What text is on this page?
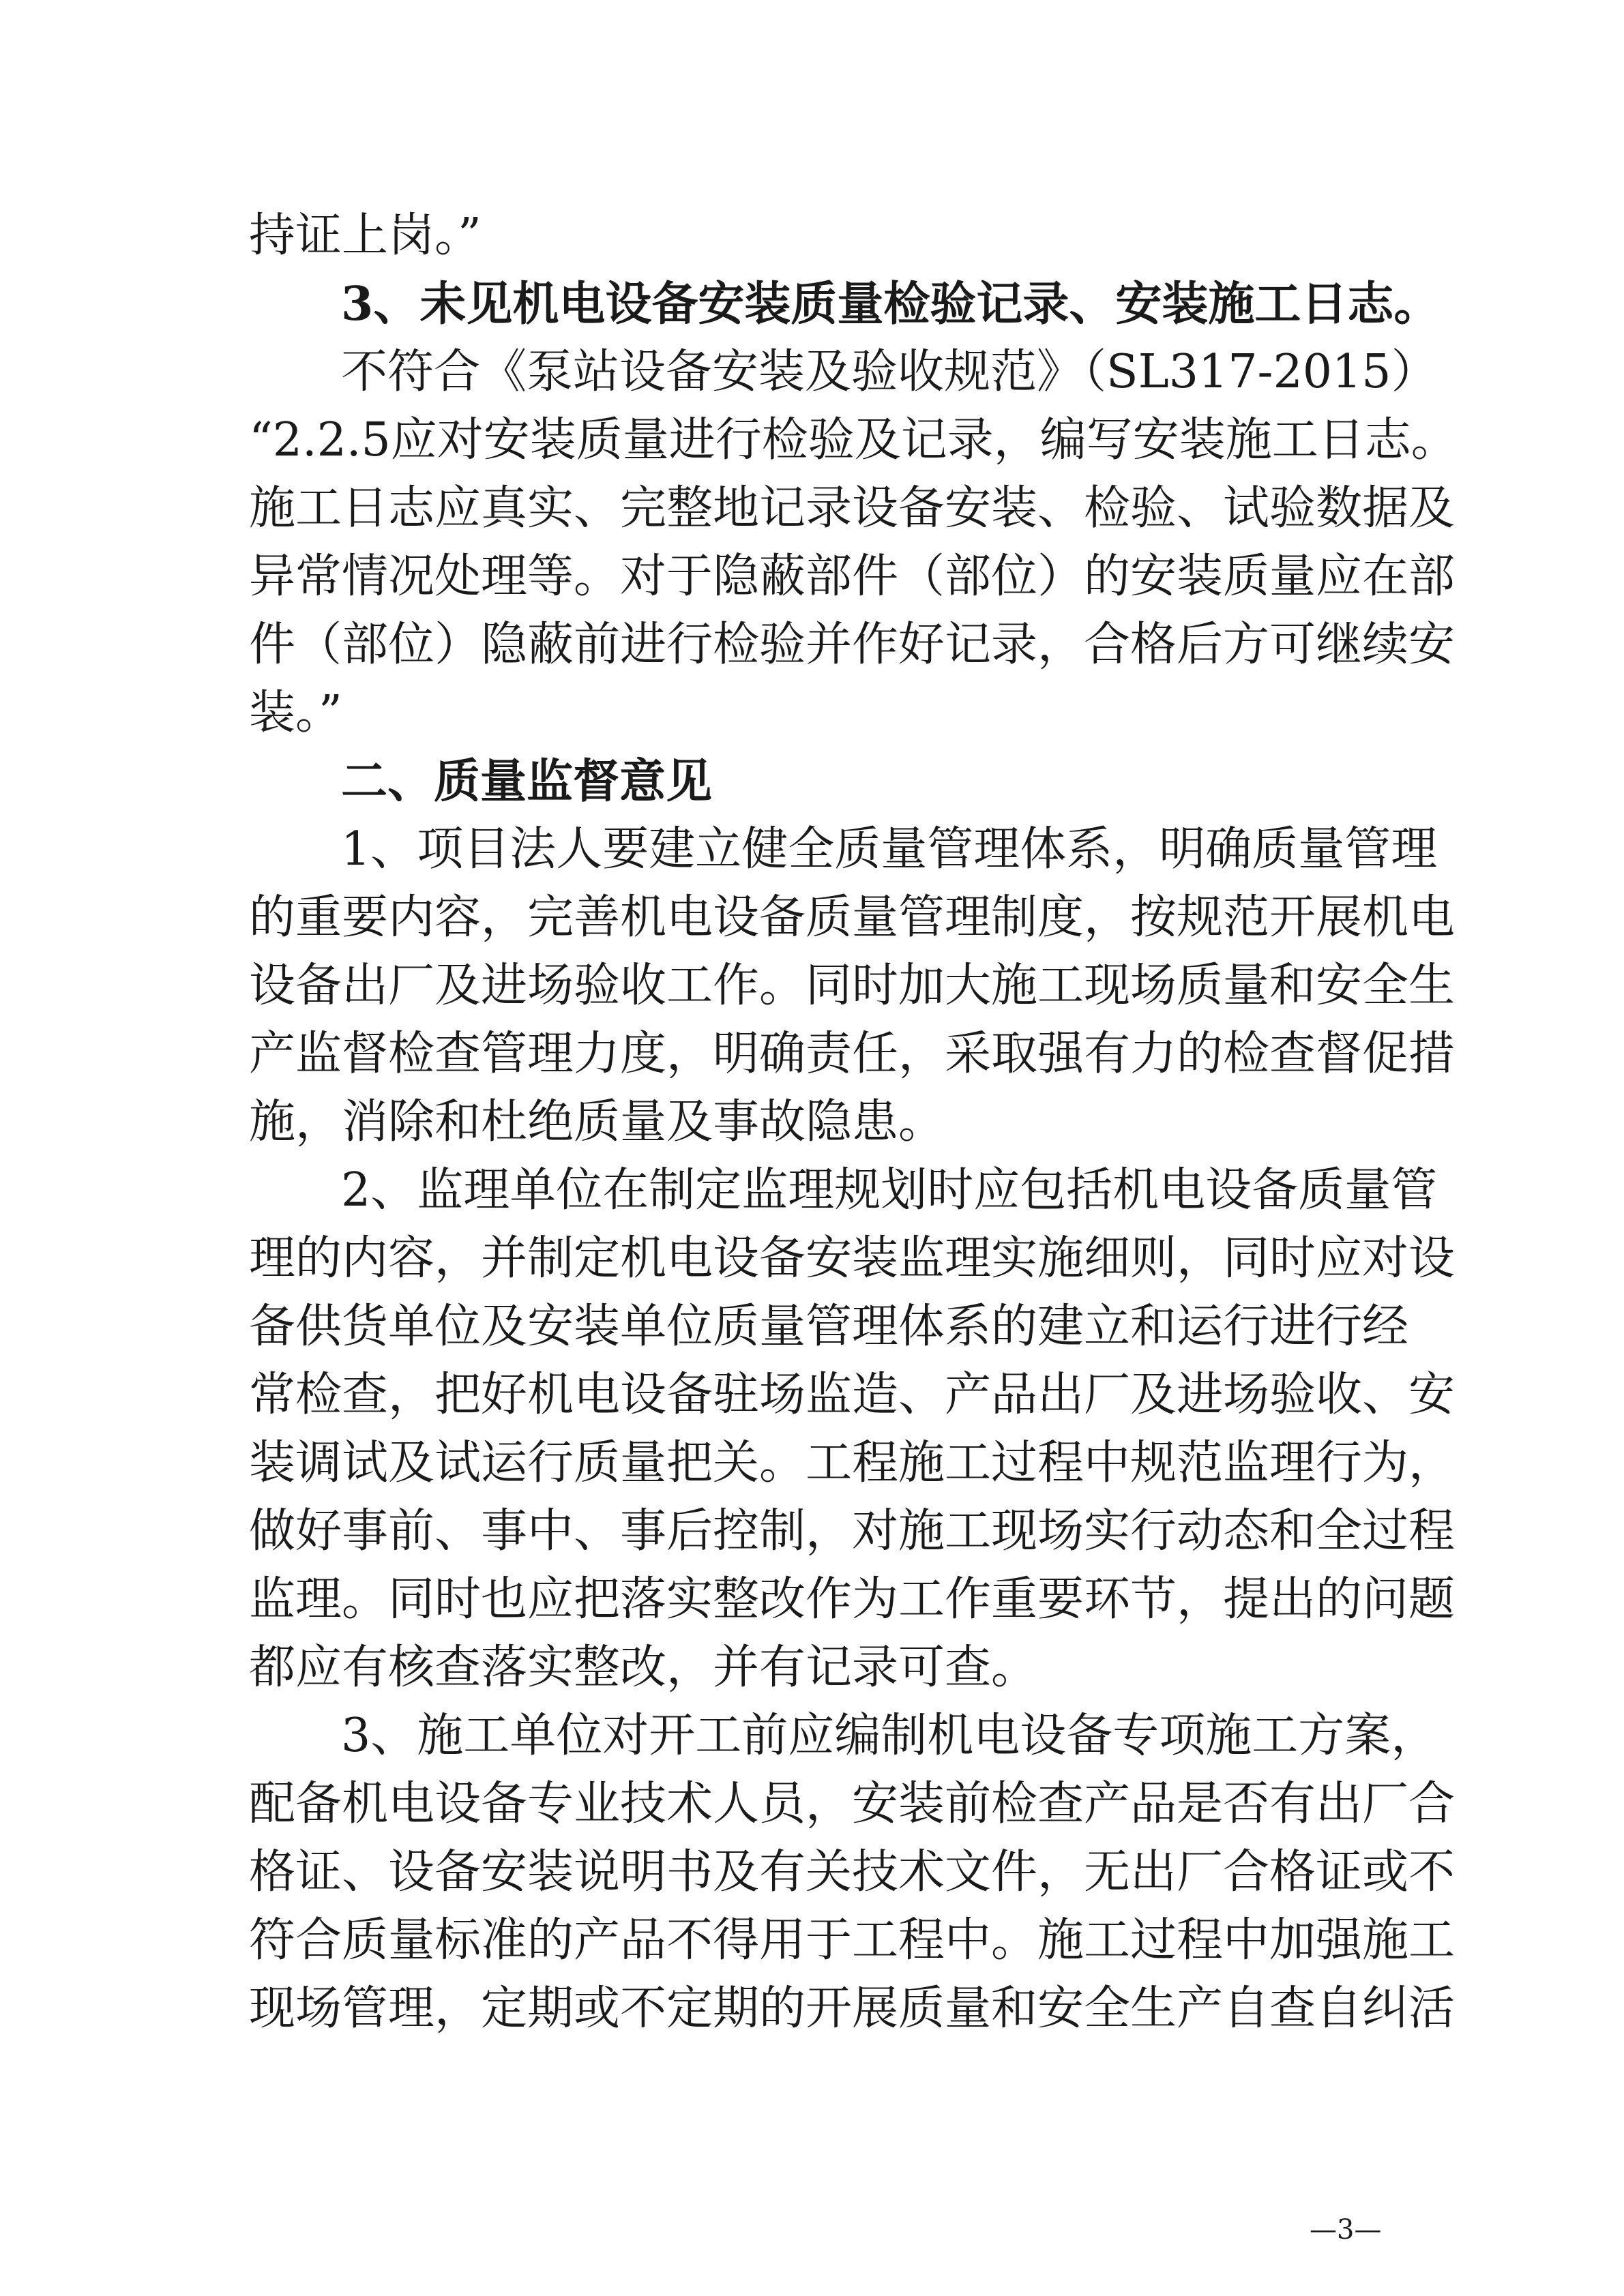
持证上岗。”
3、未见机电设备安装质量检验记录、安装施工日志。
不符合《泵站设备安装及验收规范》（SL317-2015）
“2.2.5应对安装质量进行检验及记录，编写安装施工日志。
施工日志应真实、完整地记录设备安装、检验、试验数据及
异常情况处理等。对于隐蔽部件（部位）的安装质量应在部
件（部位）隐蔽前进行检验并作好记录，合格后方可继续安
装。”
二、质量监督意见
1、项目法人要建立健全质量管理体系，明确质量管理
的重要内容，完善机电设备质量管理制度，按规范开展机电
设备出厂及进场验收工作。同时加大施工现场质量和安全生
产监督检查管理力度，明确责任，采取强有力的检查督促措
施，消除和杜绝质量及事故隐患。
2、监理单位在制定监理规划时应包括机电设备质量管
理的内容，并制定机电设备安装监理实施细则，同时应对设
备供货单位及安装单位质量管理体系的建立和运行进行经
常检查，把好机电设备驻场监造、产品出厂及进场验收、安
装调试及试运行质量把关。工程施工过程中规范监理行为，
做好事前、事中、事后控制，对施工现场实行动态和全过程
监理。同时也应把落实整改作为工作重要环节，提出的问题
都应有核查落实整改，并有记录可查。
3、施工单位对开工前应编制机电设备专项施工方案，
配备机电设备专业技术人员，安装前检查产品是否有出厂合
格证、设备安装说明书及有关技术文件，无出厂合格证或不
符合质量标准的产品不得用于工程中。施工过程中加强施工
现场管理，定期或不定期的开展质量和安全生产自查自纠活
—3—
